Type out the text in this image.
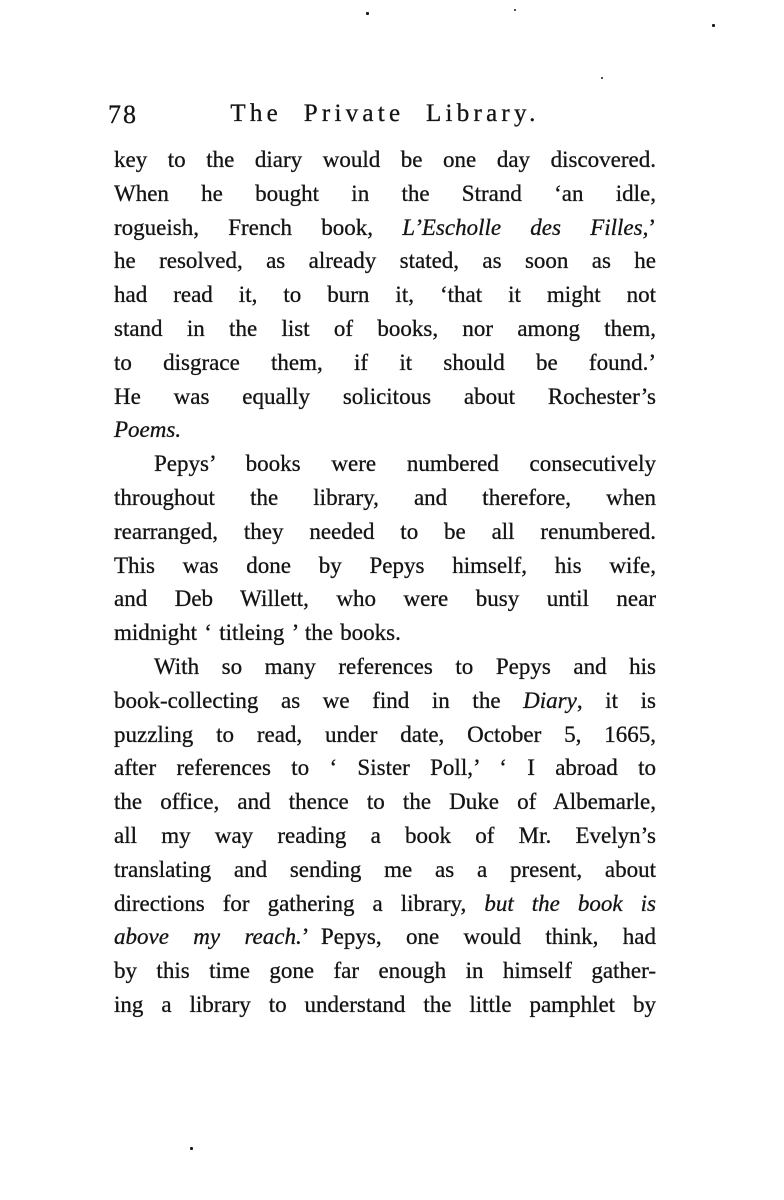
78	The Private Library.
key to the diary would be one day discovered.
When he bought in the Strand ‘an idle,
rogueish, French book, L’Escholle des Filles,’
he resolved, as already stated, as soon as he
had read it, to burn it, ‘that it might not
stand in the list of books, nor among them,
to disgrace them, if it should be found.’
He was equally solicitous about Rochester’s
Poems.
Pepys’ books were numbered consecutively
throughout the library, and therefore, when
rearranged, they needed to be all renumbered.
This was done by Pepys himself, his wife,
and Deb Willett, who were busy until near
midnight ‘ titleing ’ the books.
With so many references to Pepys and his
book-collecting as we find in the Diary, it is
puzzling to read, under date, October 5, 1665,
after references to ‘ Sister Poll,’ ‘ I abroad to
the office, and thence to the Duke of Albemarle,
all my way reading a book of Mr. Evelyn’s
translating and sending me as a present, about
directions for gathering a library, but the book is
above my reach.’ Pepys, one would think, had
by this time gone far enough in himself gather-
ing a library to understand the little pamphlet by
